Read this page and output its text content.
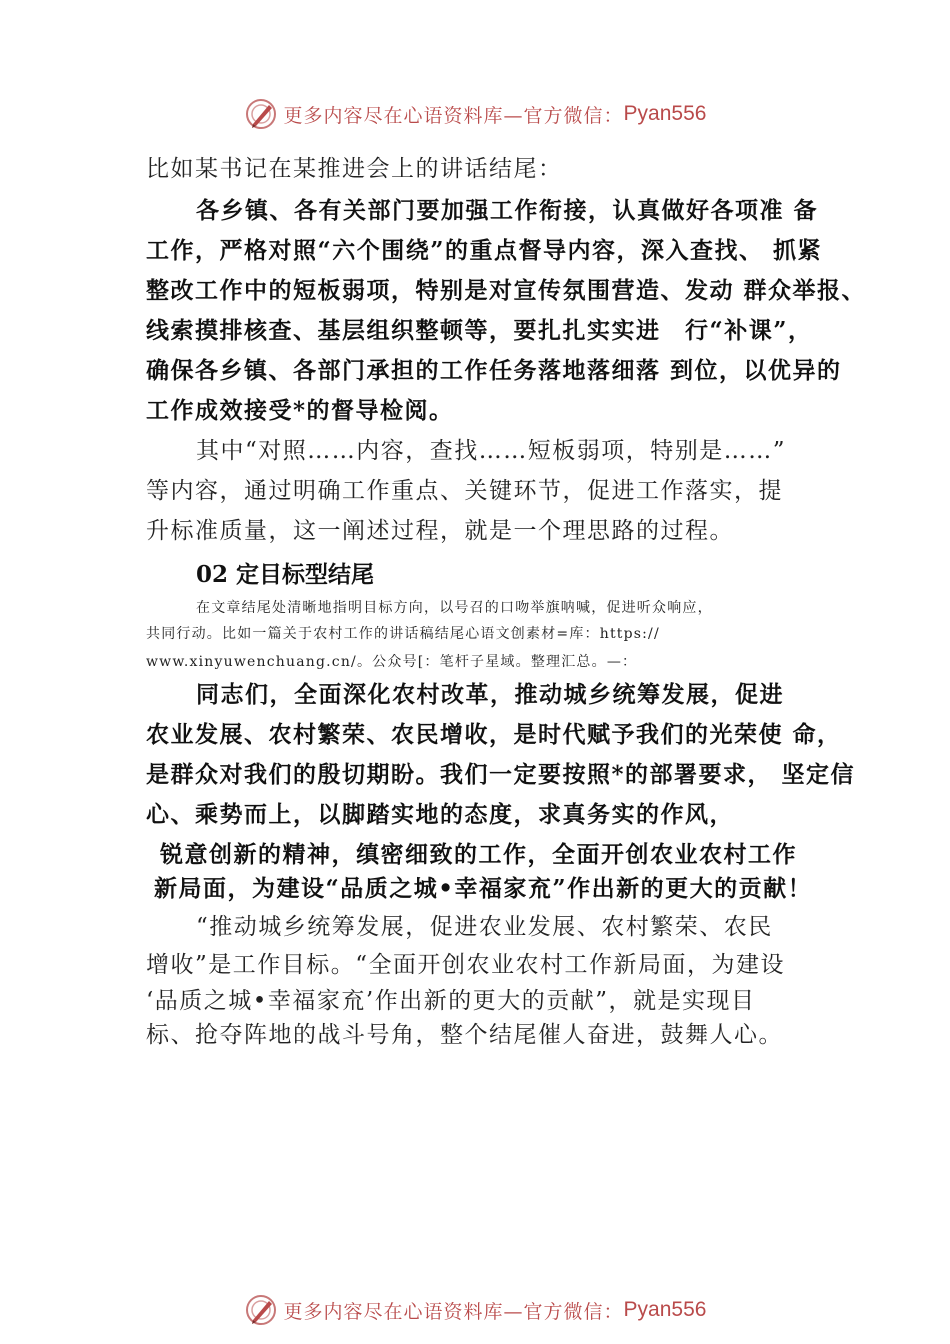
更多内容尽在心语资料库—官方微信： Pyan556
比如某书记在某推进会上的讲话结尾：
各乡镇、各有关部门要加强工作衔接，认真做好各项准 备
工作，严格对照“六个围绕”的重点督导内容，深入查找、 抓紧
整改工作中的短板弱项，特别是对宣传氛围营造、发动 群众举报、
线索摸排核查、基层组织整顿等，要扎扎实实进　行“补课”，
确保各乡镇、各部门承担的工作任务落地落细落 到位，以优异的
工作成效接受*的督导检阅。
其中“对照……内容，查找……短板弱项，特别是……”
等内容，通过明确工作重点、关键环节，促进工作落实，提
升标准质量，这一阐述过程，就是一个理思路的过程。
02 定目标型结尾
在文章结尾处清晰地指明目标方向，以号召的口吻举旗呐喊，促进听众响应，
共同行动。比如一篇关于农村工作的讲话稿结尾心语文创素材=库：https://
www.xinyuwenchuang.cn/。公众号[：笔杆子星域。整理汇总。—：
同志们，全面深化农村改革，推动城乡统筹发展，促进
农业发展、农村繁荣、农民增收，是时代赋予我们的光荣使 命，
是群众对我们的殷切期盼。我们一定要按照*的部署要求， 坚定信
心、乘势而上，以脚踏实地的态度，求真务实的作风，
锐意创新的精神，缜密细致的工作，全面开创农业农村工作
新局面，为建设“品质之城•幸福家㐬”作出新的更大的贡献！
“推动城乡统筹发展，促进农业发展、农村繁荣、农民
增收”是工作目标。“全面开创农业农村工作新局面，为建设
‘品质之城•幸福家㐬’作出新的更大的贡献”，就是实现目
标、抢夺阵地的战斗号角，整个结尾催人奋进，鼓舞人心。
更多内容尽在心语资料库—官方微信： Pyan556
